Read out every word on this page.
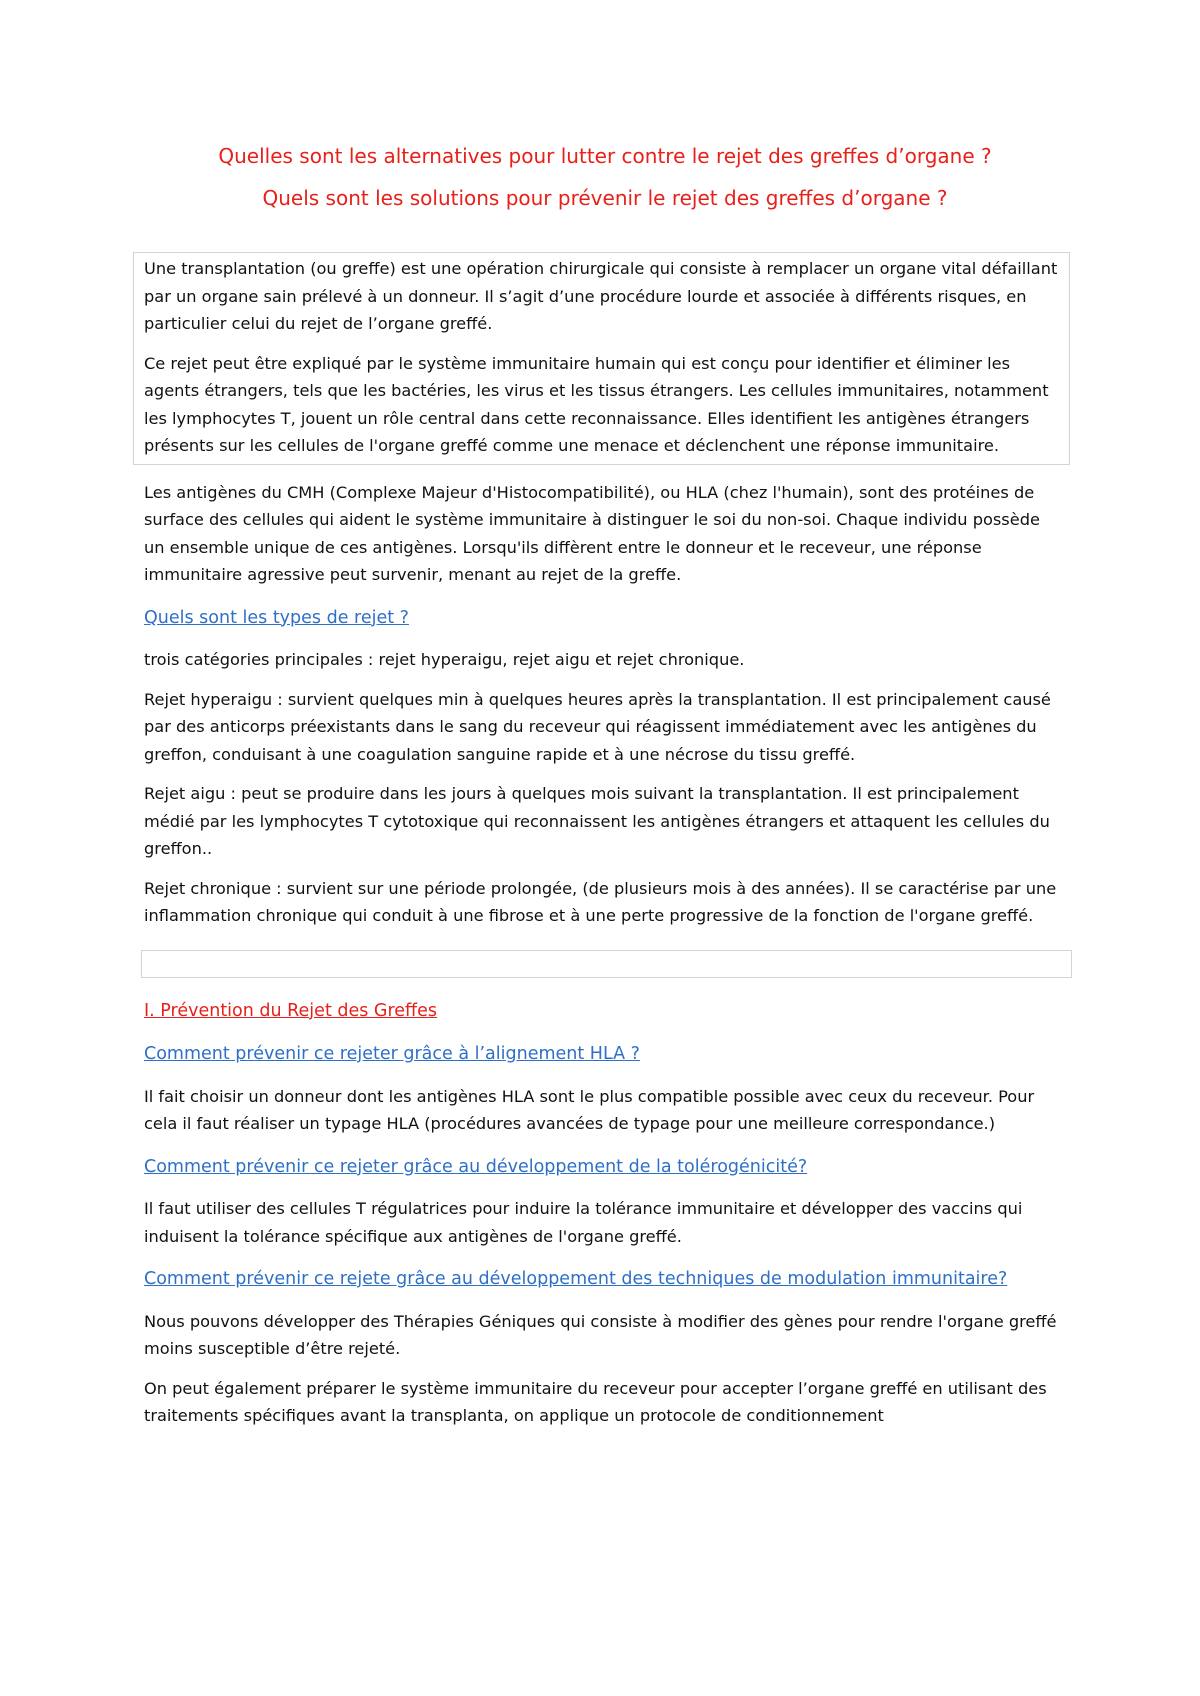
Quelles sont les alternatives pour lutter contre le rejet des greffes d’organe ?

Quels sont les solutions pour prévenir le rejet des greffes d’organe ?

Une transplantation (ou greffe) est une opération chirurgicale qui consiste à remplacer un organe vital défaillant par un organe sain prélevé à un donneur. Il s’agit d’une procédure lourde et associée à différents risques, en particulier celui du rejet de l’organe greffé.

Ce rejet peut être expliqué par le système immunitaire humain qui est conçu pour identifier et éliminer les agents étrangers, tels que les bactéries, les virus et les tissus étrangers. Les cellules immunitaires, notamment les lymphocytes T, jouent un rôle central dans cette reconnaissance. Elles identifient les antigènes étrangers présents sur les cellules de l'organe greffé comme une menace et déclenchent une réponse immunitaire.

Les antigènes du CMH (Complexe Majeur d'Histocompatibilité), ou HLA (chez l'humain), sont des protéines de surface des cellules qui aident le système immunitaire à distinguer le soi du non-soi. Chaque individu possède un ensemble unique de ces antigènes. Lorsqu'ils diffèrent entre le donneur et le receveur, une réponse immunitaire agressive peut survenir, menant au rejet de la greffe.

Quels sont les types de rejet ?

trois catégories principales : rejet hyperaigu, rejet aigu et rejet chronique.

Rejet hyperaigu : survient quelques min à quelques heures après la transplantation. Il est principalement causé par des anticorps préexistants dans le sang du receveur qui réagissent immédiatement avec les antigènes du greffon, conduisant à une coagulation sanguine rapide et à une nécrose du tissu greffé.

Rejet aigu : peut se produire dans les jours à quelques mois suivant la transplantation. Il est principalement médié par les lymphocytes T cytotoxique qui reconnaissent les antigènes étrangers et attaquent les cellules du greffon..

Rejet chronique : survient sur une période prolongée, (de plusieurs mois à des années). Il se caractérise par une inflammation chronique qui conduit à une fibrose et à une perte progressive de la fonction de l'organe greffé.

I. Prévention du Rejet des Greffes

Comment prévenir ce rejeter grâce à l’alignement HLA ?

Il fait choisir un donneur dont les antigènes HLA sont le plus compatible possible avec ceux du receveur. Pour cela il faut réaliser un typage HLA (procédures avancées de typage pour une meilleure correspondance.)

Comment prévenir ce rejeter grâce au développement de la tolérogénicité?

Il faut utiliser des cellules T régulatrices pour induire la tolérance immunitaire et développer des vaccins qui induisent la tolérance spécifique aux antigènes de l'organe greffé.

Comment prévenir ce rejete grâce au développement des techniques de modulation immunitaire?

Nous pouvons développer des Thérapies Géniques qui consiste à modifier des gènes pour rendre l'organe greffé moins susceptible d’être rejeté.

On peut également préparer le système immunitaire du receveur pour accepter l’organe greffé en utilisant des traitements spécifiques avant la transplanta, on applique un protocole de conditionnement
